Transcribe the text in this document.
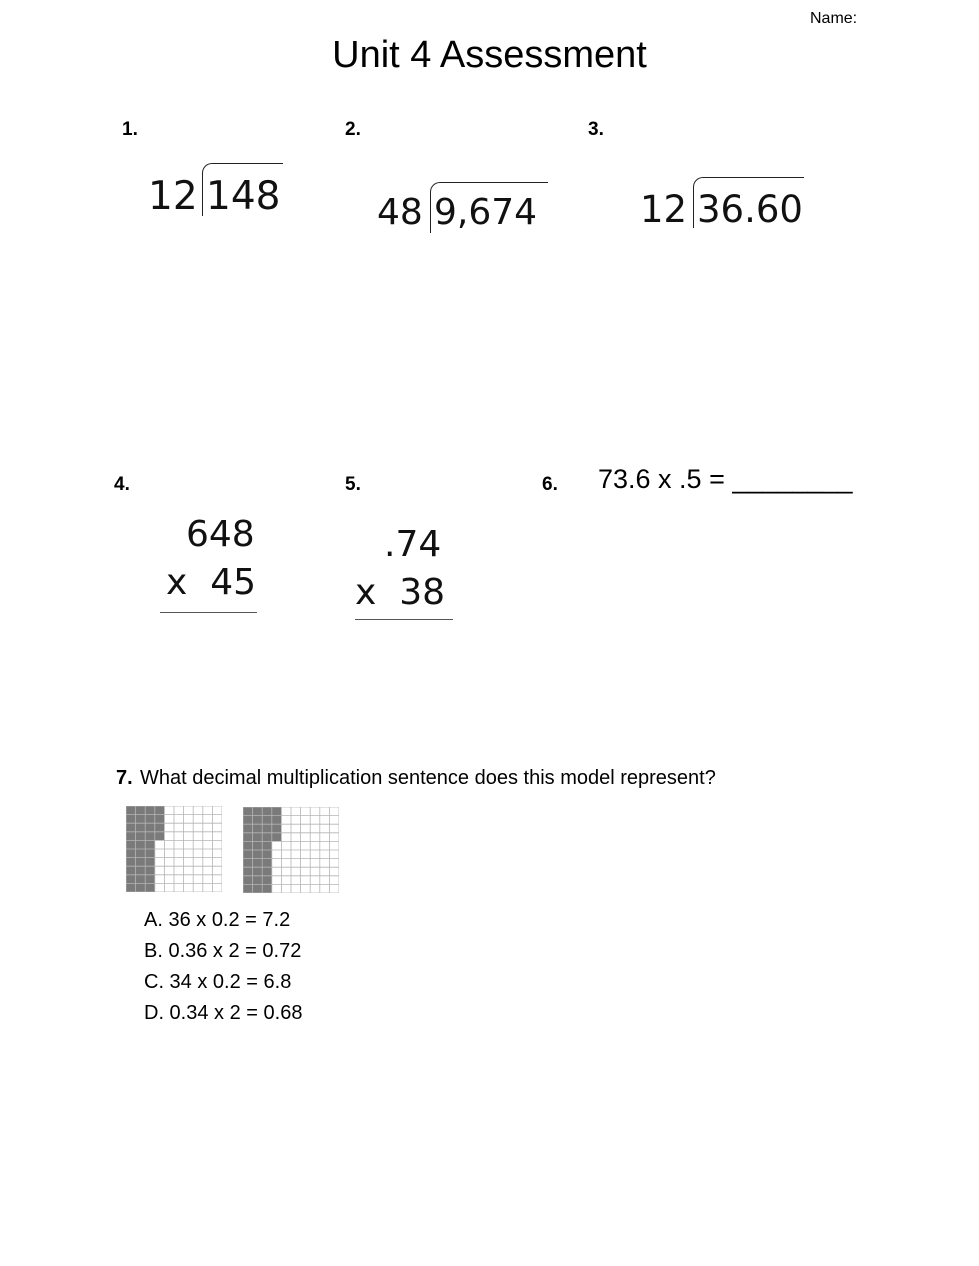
Name:
Unit 4 Assessment
1.
12 148
2.
48 9,674
3.
12 36.60
4.
648
x  45
5.
.74
x  38
6. 73.6 x .5 = ________
7. What decimal multiplication sentence does this model represent?
A. 36 x 0.2 = 7.2
B. 0.36 x 2 = 0.72
C. 34 x 0.2 = 6.8
D. 0.34 x 2 = 0.68
